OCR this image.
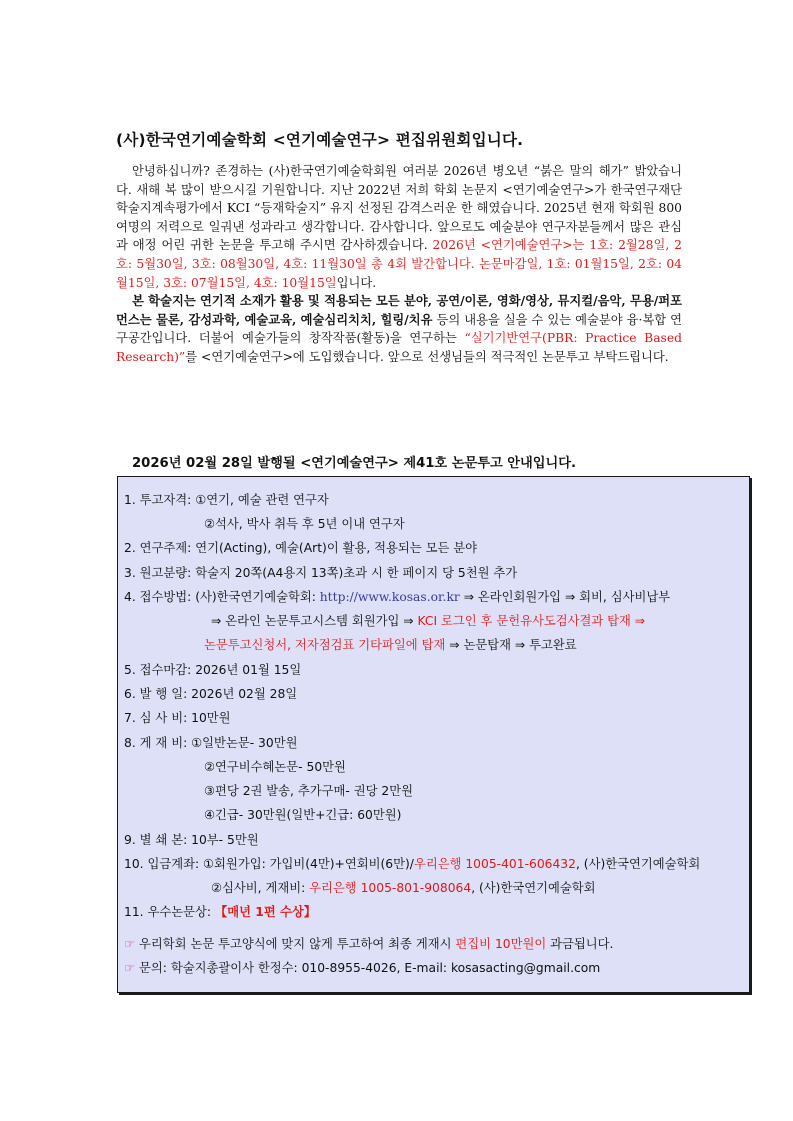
(사)한국연기예술학회 <연기예술연구> 편집위원회입니다.

안녕하십니까? 존경하는 (사)한국연기예술학회원 여러분 2026년 병오년 “붉은 말의 해가” 밝았습니다. 새해 복 많이 받으시길 기원합니다. 지난 2022년 저희 학회 논문지 <연기예술연구>가 한국연구재단 학술지계속평가에서 KCI “등재학술지” 유지 선정된 감격스러운 한 해였습니다. 2025년 현재 학회원 800여명의 저력으로 일궈낸 성과라고 생각합니다. 감사합니다. 앞으로도 예술분야 연구자분들께서 많은 관심과 애정 어린 귀한 논문을 투고해 주시면 감사하겠습니다. 2026년 <연기예술연구>는 1호: 2월28일, 2호: 5월30일, 3호: 08월30일, 4호: 11월30일 총 4회 발간합니다. 논문마감일, 1호: 01월15일, 2호: 04월15일, 3호: 07월15일, 4호: 10월15일입니다.

본 학술지는 연기적 소재가 활용 및 적용되는 모든 분야, 공연/이론, 영화/영상, 뮤지컬/음악, 무용/퍼포먼스는 물론, 감성과학, 예술교육, 예술심리치치, 힐링/치유 등의 내용을 실을 수 있는 예술분야 융·복합 연구공간입니다. 더불어 예술가들의 창작작품(활동)을 연구하는 “실기기반연구(PBR: Practice Based Research)”를 <연기예술연구>에 도입했습니다. 앞으로 선생님들의 적극적인 논문투고 부탁드립니다.

2026년 02월 28일 발행될 <연기예술연구> 제41호 논문투고 안내입니다.
1. 투고자격: ①연기, 예술 관련 연구자
②석사, 박사 취득 후 5년 이내 연구자
2. 연구주제: 연기(Acting), 예술(Art)이 활용, 적용되는 모든 분야
3. 원고분량: 학술지 20쪽(A4용지 13쪽)초과 시 한 페이지 당 5천원 추가
4. 접수방법: (사)한국연기예술학회: http://www.kosas.or.kr ⇒ 온라인회원가입 ⇒ 회비, 심사비납부
⇒ 온라인 논문투고시스템 회원가입 ⇒ KCI 로그인 후 문헌유사도검사결과 탑재 ⇒
논문투고신청서, 저자점검표 기타파일에 탑재 ⇒ 논문탑재 ⇒ 투고완료
5. 접수마감: 2026년 01월 15일
6. 발 행 일: 2026년 02월 28일
7. 심 사 비: 10만원
8. 게 재 비: ①일반논문- 30만원
②연구비수혜논문- 50만원
③편당 2권 발송, 추가구매- 권당 2만원
④긴급- 30만원(일반+긴급: 60만원)
9. 별 쇄 본: 10부- 5만원
10. 입금계좌: ①회원가입: 가입비(4만)+연회비(6만)/우리은행 1005-401-606432, (사)한국연기예술학회
②심사비, 게재비: 우리은행 1005-801-908064, (사)한국연기예술학회
11. 우수논문상: 【매년 1편 수상】
☞ 우리학회 논문 투고양식에 맞지 않게 투고하여 최종 게재시 편집비 10만원이 과금됩니다.
☞ 문의: 학술지총괄이사 한정수: 010-8955-4026, E-mail: kosasacting@gmail.com
